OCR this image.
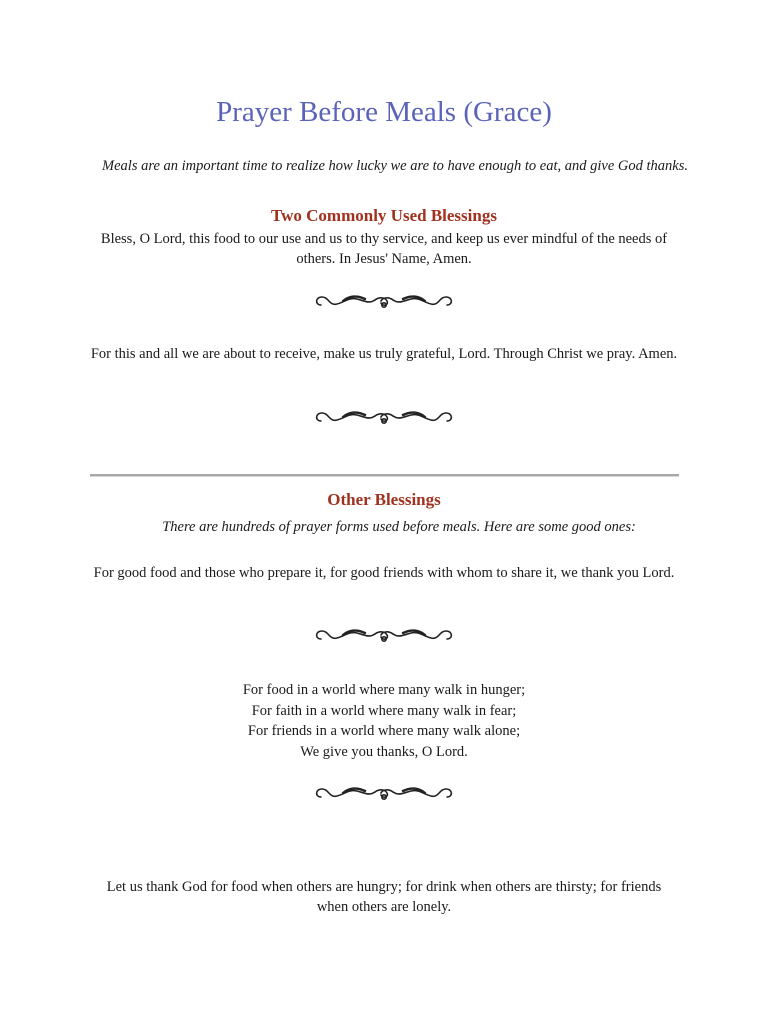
Prayer Before Meals (Grace)
Meals are an important time to realize how lucky we are to have enough to eat, and give God thanks.
Two Commonly Used Blessings
Bless, O Lord, this food to our use and us to thy service, and keep us ever mindful of the needs of others. In Jesus' Name, Amen.
For this and all we are about to receive, make us truly grateful, Lord. Through Christ we pray. Amen.
Other Blessings
There are hundreds of prayer forms used before meals. Here are some good ones:
For good food and those who prepare it, for good friends with whom to share it, we thank you Lord.
For food in a world where many walk in hunger;
For faith in a world where many walk in fear;
For friends in a world where many walk alone;
We give you thanks, O Lord.
Let us thank God for food when others are hungry; for drink when others are thirsty; for friends when others are lonely.
